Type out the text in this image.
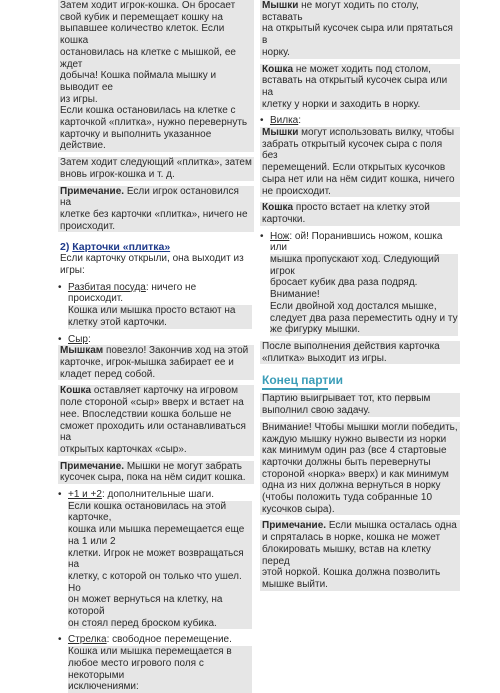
Затем ходит игрок-кошка. Он бросает
свой кубик и перемещает кошку на
выпавшее количество клеток. Если кошка
остановилась на клетке с мышкой, ее ждет
добыча! Кошка поймала мышку и выводит ее
из игры.
Если кошка остановилась на клетке с
карточкой «плитка», нужно перевернуть
карточку и выполнить указанное действие.
Затем ходит следующий «плитка», затем
вновь игрок-кошка и т. д.
Примечание. Если игрок остановился на
клетке без карточки «плитка», ничего не
происходит.
2) Карточки «плитка»
Если карточку открыли, она выходит из
игры:
• Разбитая посуда: ничего не происходит.
Кошка или мышка просто встают на
клетку этой карточки.
• Сыр:
Мышкам повезло! Закончив ход на этой
карточке, игрок-мышка забирает ее и
кладет перед собой.
Кошка оставляет карточку на игровом
поле стороной «сыр» вверх и встает на
нее. Впоследствии кошка больше не
сможет проходить или останавливаться на
открытых карточках «сыр».
Примечание. Мышки не могут забрать
кусочек сыра, пока на нём сидит кошка.
• +1 и +2: дополнительные шаги.
Если кошка остановилась на этой карточке,
кошка или мышка перемещается еще на 1 или 2
клетки. Игрок не может возвращаться на
клетку, с которой он только что ушел. Но
он может вернуться на клетку, на которой
он стоял перед броском кубика.
• Стрелка: свободное перемещение.
Кошка или мышка перемещается в
любое место игрового поля с некоторыми
исключениями:
Мышки не могут ходить по столу, вставать
на открытый кусочек сыра или прятаться в
норку.
Кошка не может ходить под столом,
вставать на открытый кусочек сыра или на
клетку у норки и заходить в норку.
• Вилка:
Мышки могут использовать вилку, чтобы
забрать открытый кусочек сыра с поля без
перемещений. Если открытых кусочков
сыра нет или на нём сидит кошка, ничего
не происходит.
Кошка просто встает на клетку этой карточки.
• Нож: ой! Поранившись ножом, кошка или
мышка пропускают ход. Следующий игрок
бросает кубик два раза подряд. Внимание!
Если двойной ход достался мышке,
следует два раза переместить одну и ту
же фигурку мышки.
После выполнения действия карточка
«плитка» выходит из игры.
Конец партии
Партию выигрывает тот, кто первым
выполнил свою задачу.
Внимание! Чтобы мышки могли победить,
каждую мышку нужно вывести из норки
как минимум один раз (все 4 стартовые
карточки должны быть перевернуты
стороной «норка» вверх) и как минимум
одна из них должна вернуться в норку
(чтобы положить туда собранные 10
кусочков сыра).
Примечание. Если мышка осталась одна
и спряталась в норке, кошка не может
блокировать мышку, встав на клетку перед
этой норкой. Кошка должна позволить
мышке выйти.
